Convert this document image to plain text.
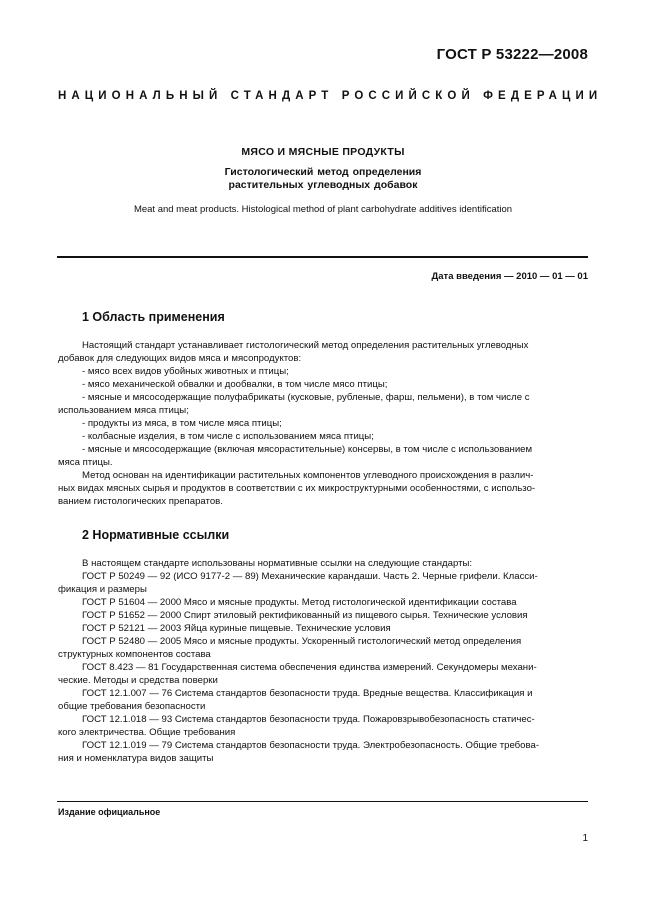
ГОСТ Р 53222—2008
НАЦИОНАЛЬНЫЙ СТАНДАРТ РОССИЙСКОЙ ФЕДЕРАЦИИ
МЯСО И МЯСНЫЕ ПРОДУКТЫ
Гистологический метод определения
растительных углеводных добавок
Meat and meat products. Histological method of plant carbohydrate additives identification
Дата введения — 2010 — 01 — 01
1 Область применения

Настоящий стандарт устанавливает гистологический метод определения растительных углеводных

добавок для следующих видов мяса и мясопродуктов:

- мясо всех видов убойных животных и птицы;

- мясо механической обвалки и дообвалки, в том числе мясо птицы;

- мясные и мясосодержащие полуфабрикаты (кусковые, рубленые, фарш, пельмени), в том числе с

использованием мяса птицы;

- продукты из мяса, в том числе мяса птицы;

- колбасные изделия, в том числе с использованием мяса птицы;

- мясные и мясосодержащие (включая мясорастительные) консервы, в том числе с использованием

мяса птицы.

Метод основан на идентификации растительных компонентов углеводного происхождения в различ-

ных видах мясных сырья и продуктов в соответствии с их микроструктурными особенностями, с использо-

ванием гистологических препаратов.

2 Нормативные ссылки

В настоящем стандарте использованы нормативные ссылки на следующие стандарты:

ГОСТ Р 50249 — 92 (ИСО 9177-2 — 89) Механические карандаши. Часть 2. Черные грифели. Класси-

фикация и размеры

ГОСТ Р 51604 — 2000 Мясо и мясные продукты. Метод гистологической идентификации состава

ГОСТ Р 51652 — 2000 Спирт этиловый ректификованный из пищевого сырья. Технические условия

ГОСТ Р 52121 — 2003 Яйца куриные пищевые. Технические условия

ГОСТ Р 52480 — 2005 Мясо и мясные продукты. Ускоренный гистологический метод определения

структурных компонентов состава

ГОСТ 8.423 — 81 Государственная система обеспечения единства измерений. Секундомеры механи-

ческие. Методы и средства поверки

ГОСТ 12.1.007 — 76 Система стандартов безопасности труда. Вредные вещества. Классификация и

общие требования безопасности

ГОСТ 12.1.018 — 93 Система стандартов безопасности труда. Пожаровзрывобезопасность статичес-

кого электричества. Общие требования

ГОСТ 12.1.019 — 79 Система стандартов безопасности труда. Электробезопасность. Общие требова-

ния и номенклатура видов защиты

Издание официальное
1
